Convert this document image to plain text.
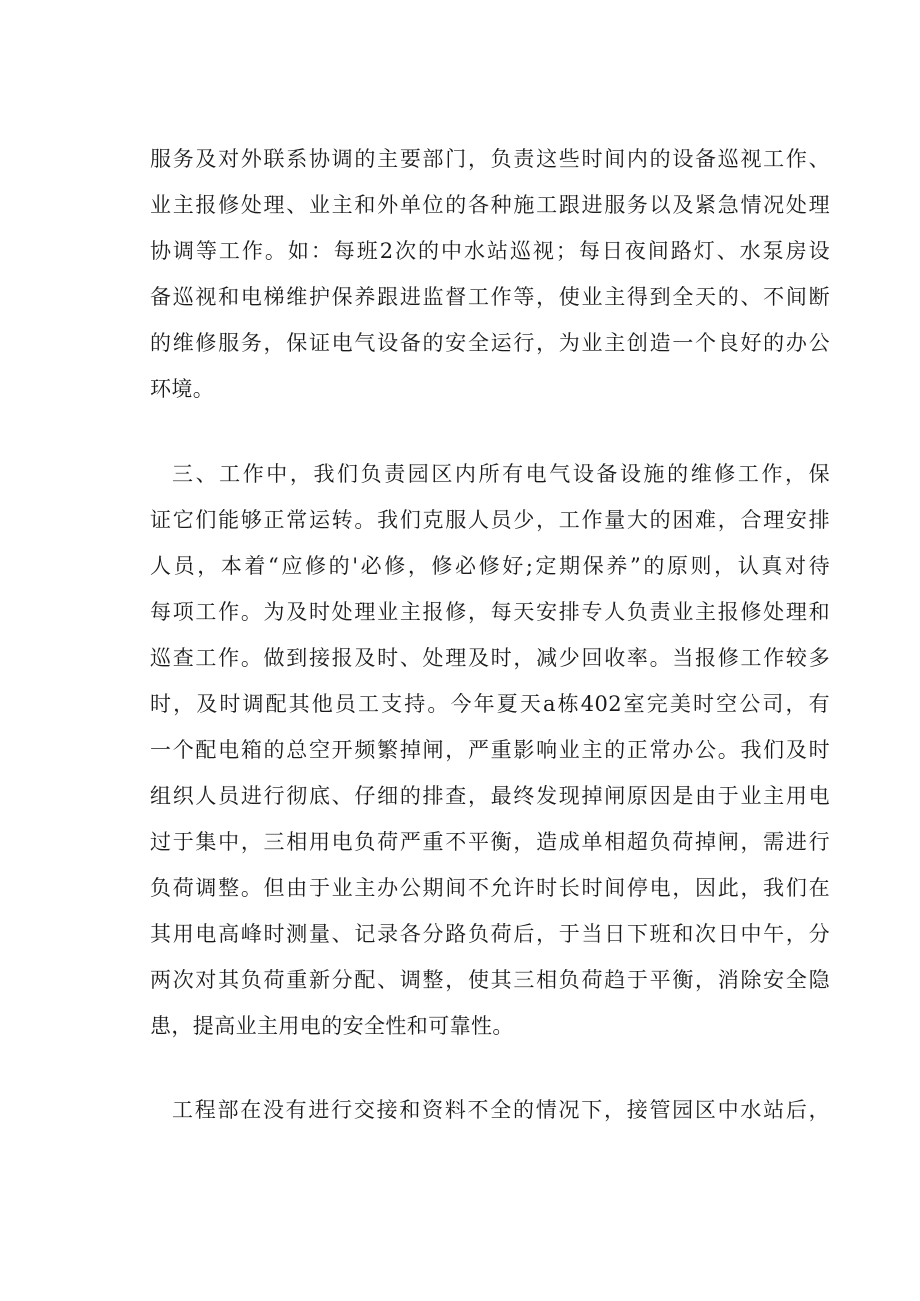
服务及对外联系协调的主要部门，负责这些时间内的设备巡视工作、

业主报修处理、业主和外单位的各种施工跟进服务以及紧急情况处理

协调等工作。如：每班2次的中水站巡视；每日夜间路灯、水泵房设

备巡视和电梯维护保养跟进监督工作等，使业主得到全天的、不间断

的维修服务，保证电气设备的安全运行，为业主创造一个良好的办公

环境。

三、工作中，我们负责园区内所有电气设备设施的维修工作，保

证它们能够正常运转。我们克服人员少，工作量大的困难，合理安排

人员，本着“应修的'必修，修必修好;定期保养”的原则，认真对待

每项工作。为及时处理业主报修，每天安排专人负责业主报修处理和

巡查工作。做到接报及时、处理及时，减少回收率。当报修工作较多

时，及时调配其他员工支持。今年夏天a栋402室完美时空公司，有

一个配电箱的总空开频繁掉闸，严重影响业主的正常办公。我们及时

组织人员进行彻底、仔细的排查，最终发现掉闸原因是由于业主用电

过于集中，三相用电负荷严重不平衡，造成单相超负荷掉闸，需进行

负荷调整。但由于业主办公期间不允许时长时间停电，因此，我们在

其用电高峰时测量、记录各分路负荷后，于当日下班和次日中午，分

两次对其负荷重新分配、调整，使其三相负荷趋于平衡，消除安全隐

患，提高业主用电的安全性和可靠性。

工程部在没有进行交接和资料不全的情况下，接管园区中水站后，
